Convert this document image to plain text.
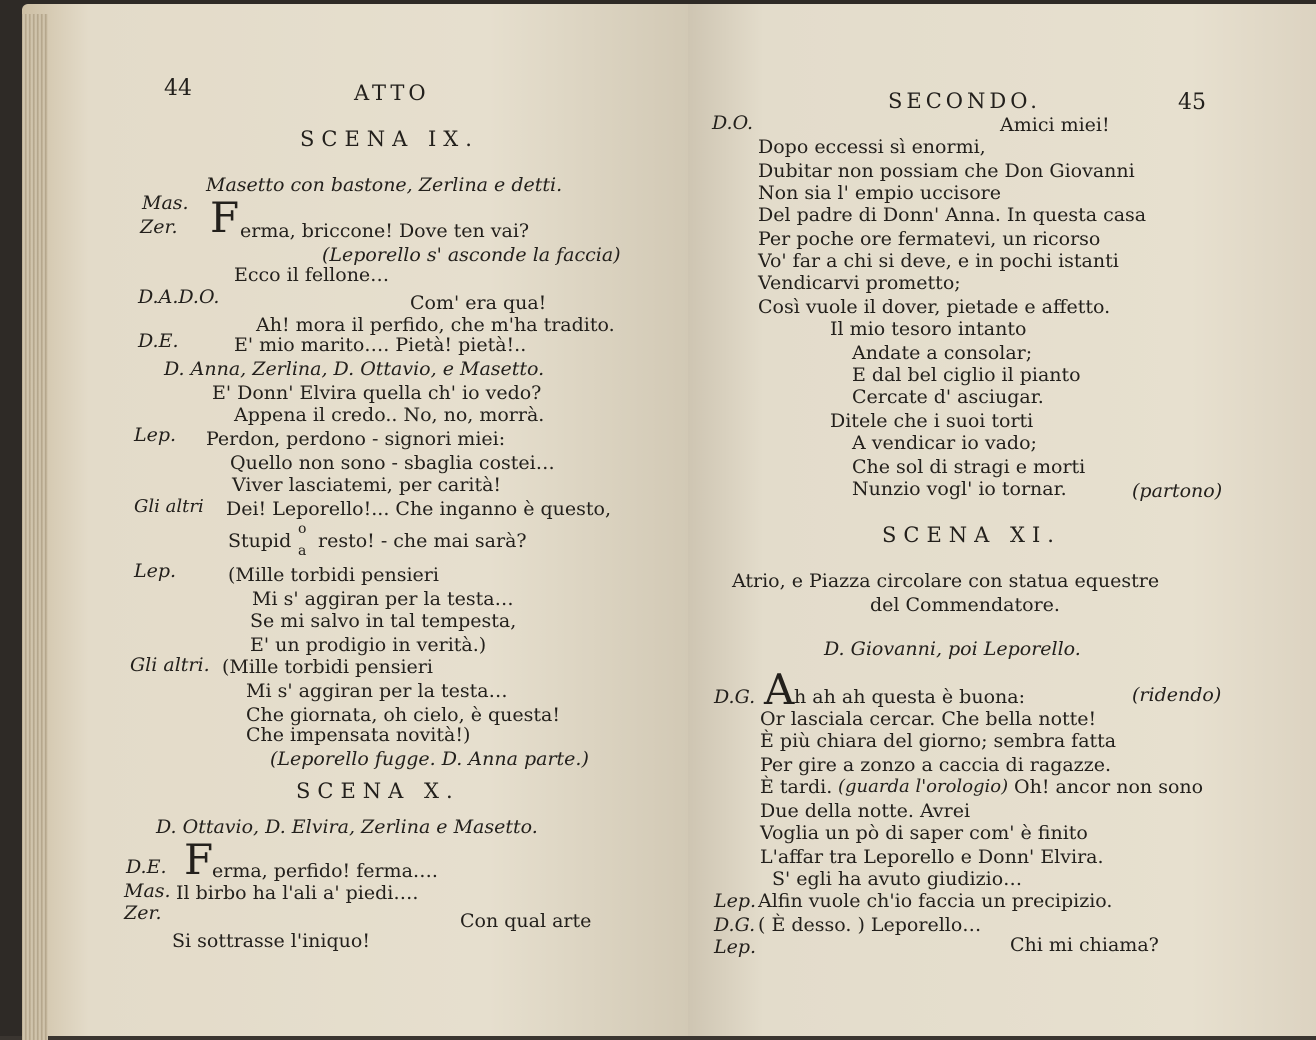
44	ATTO
SCENA IX.
Masetto con bastone, Zerlina e detti.
Mas.
Zer. F erma, briccone! Dove ten vai?
(Leporello s' asconde la faccia)
Ecco il fellone…
D.A.D.O.	Com' era qua!
Ah! mora il perfido, che m'ha tradito.
D.E.	E' mio marito…. Pietà! pietà!..
D. Anna, Zerlina, D. Ottavio, e Masetto.
E' Donn' Elvira quella ch' io vedo?
Appena il credo.. No, no, morrà.
Lep. Perdon, perdono - signori miei:
Quello non sono - sbaglia costei…
Viver lasciatemi, per carità!
Gli altri Dei! Leporello!... Che inganno è questo,
Stupid
o
a resto! - che mai sarà?
Lep.	(Mille torbidi pensieri
Mi s' aggiran per la testa…
Se mi salvo in tal tempesta,
E' un prodigio in verità.)
Gli altri. (Mille torbidi pensieri
Mi s' aggiran per la testa…
Che giornata, oh cielo, è questa!
Che impensata novità!)
(Leporello fugge. D. Anna parte.)
SCENA X.
D. Ottavio, D. Elvira, Zerlina e Masetto.
D.E. F
erma, perfido! ferma….
Mas. Il birbo ha l'ali a' piedi….
Zer.	Con qual arte
Si sottrasse l'iniquo!
SECONDO.	45
D.O.	Amici miei!
Dopo eccessi sì enormi,
Dubitar non possiam che Don Giovanni
Non sia l' empio uccisore
Del padre di Donn' Anna. In questa casa
Per poche ore fermatevi, un ricorso
Vo' far a chi si deve, e in pochi istanti
Vendicarvi prometto;
Così vuole il dover, pietade e affetto.
Il mio tesoro intanto
Andate a consolar;
E dal bel ciglio il pianto
Cercate d' asciugar.
Ditele che i suoi torti
A vendicar io vado;
Che sol di stragi e morti
Nunzio vogl' io tornar.	(partono)
SCENA XI.
Atrio, e Piazza circolare con statua equestre
del Commendatore.
D. Giovanni, poi Leporello.
D.G. A h ah ah questa è buona:	(ridendo)
Or lasciala cercar. Che bella notte!
È più chiara del giorno; sembra fatta
Per gire a zonzo a caccia di ragazze.
È tardi. (guarda l'orologio) Oh! ancor non sono
Due della notte. Avrei
Voglia un pò di saper com' è finito
L'affar tra Leporello e Donn' Elvira.
S' egli ha avuto giudizio…
Lep. Alfin vuole ch'io faccia un precipizio.
D.G. ( È desso. ) Leporello…
Lep.	Chi mi chiama?
